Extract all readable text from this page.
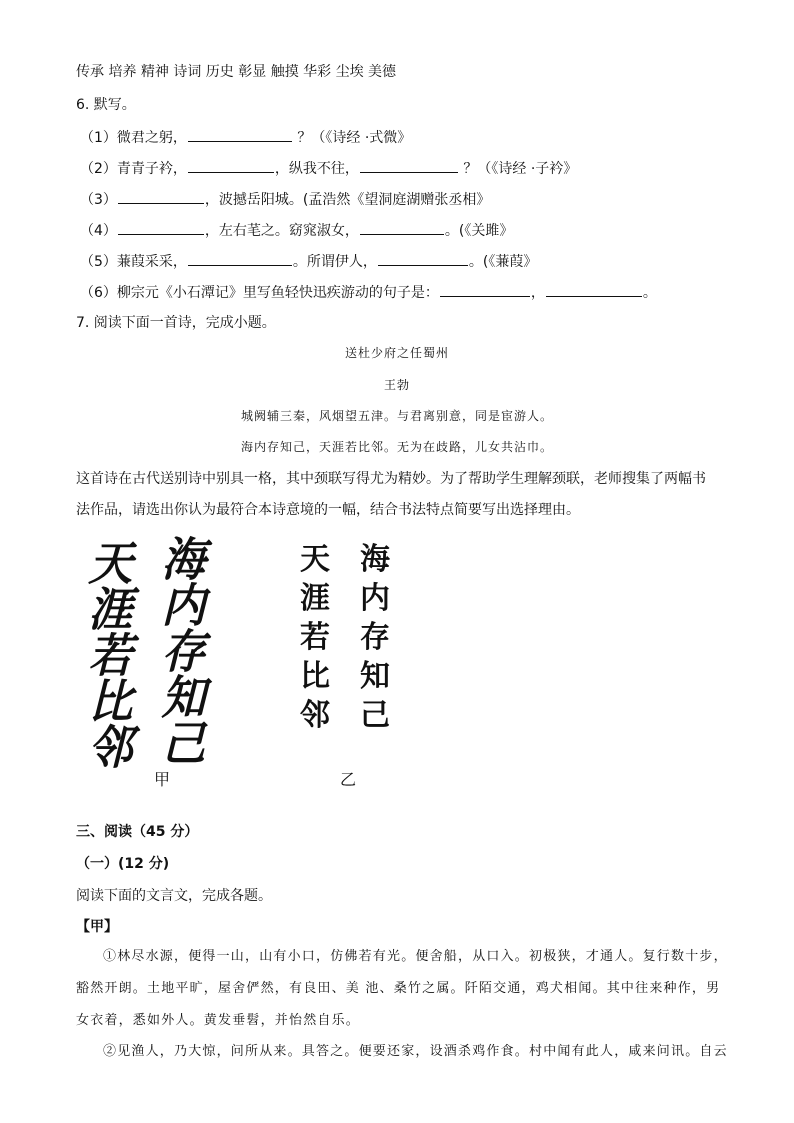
传承 培养 精神 诗词 历史 彰显 触摸 华彩 尘埃 美德
6. 默写。
（1）微君之躬，	？（《诗经 ·式微》
（2）青青子衿，	，纵我不往，	？（《诗经 ·子衿》
（3）	，波撼岳阳城。(孟浩然《望洞庭湖赠张丞相》
（4）	，左右芼之。窈窕淑女，	。(《关雎》
（5）蒹葭采采，	。所谓伊人，	。(《蒹葭》
（6）柳宗元《小石潭记》里写鱼轻快迅疾游动的句子是：	，	。
7. 阅读下面一首诗，完成小题。
送杜少府之任蜀州
王勃
城阙辅三秦，风烟望五津。与君离别意，同是宦游人。
海内存知己，天涯若比邻。无为在歧路，儿女共沾巾。
这首诗在古代送别诗中别具一格，其中颈联写得尤为精妙。为了帮助学生理解颈联，老师搜集了两幅书
法作品，请选出你认为最符合本诗意境的一幅，结合书法特点简要写出选择理由。
海
内
存
知
己
天
涯
若
比
邻
海
内
存
知
己
天
涯
若
比
邻
甲	乙
三、阅读（45 分）
（一）(12 分)
阅读下面的文言文，完成各题。
【甲】
①林尽水源，便得一山，山有小口，仿佛若有光。便舍船，从口入。初极狭，才通人。复行数十步，
豁然开朗。土地平旷，屋舍俨然，有良田、美 池、桑竹之属。阡陌交通，鸡犬相闻。其中往来种作，男
女衣着，悉如外人。黄发垂髫，并怡然自乐。
②见渔人，乃大惊，问所从来。具答之。便要还家，设酒杀鸡作食。村中闻有此人，咸来问讯。自云
